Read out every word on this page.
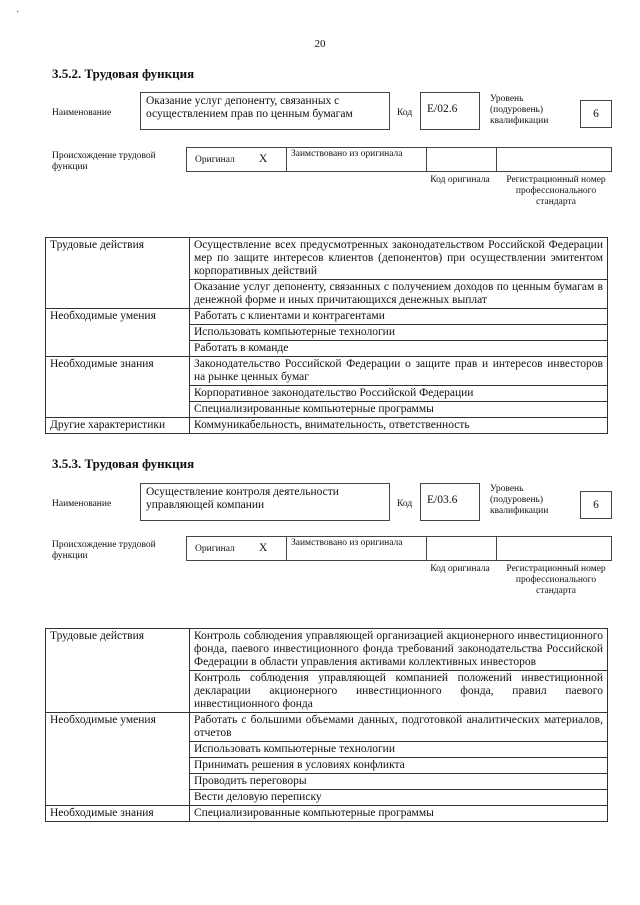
˙
20
3.5.2. Трудовая функция
Наименование
Оказание услуг депоненту, связанных с осуществлением прав по ценным бумагам	Код	Е/02.6
Уровень (подуровень) квалификации
6
Происхождение трудовой функции
Оригинал X Заимствовано из оригинала
Код оригинала	Регистрационный номер профессионального стандарта
Трудовые действия	Осуществление всех предусмотренных законодательством Российской Федерации мер по защите интересов клиентов (депонентов) при осуществлении эмитентом корпоративных действий
	Оказание услуг депоненту, связанных с получением доходов по ценным бумагам в денежной форме и иных причитающихся денежных выплат
Необходимые умения	Работать с клиентами и контрагентами
	Использовать компьютерные технологии
	Работать в команде
Необходимые знания	Законодательство Российской Федерации о защите прав и интересов инвесторов на рынке ценных бумаг
	Корпоративное законодательство Российской Федерации
	Специализированные компьютерные программы
Другие характеристики	Коммуникабельность, внимательность, ответственность
3.5.3. Трудовая функция
Наименование
Осуществление контроля деятельности управляющей компании	Код	Е/03.6
Уровень (подуровень) квалификации	6
Происхождение трудовой функции
Оригинал X Заимствовано из оригинала
Код оригинала	Регистрационный номер профессионального стандарта
Трудовые действия	Контроль соблюдения управляющей организацией акционерного инвестиционного фонда, паевого инвестиционного фонда требований законодательства Российской Федерации в области управления активами коллективных инвесторов
	Контроль соблюдения управляющей компанией положений инвестиционной декларации акционерного инвестиционного фонда, правил паевого инвестиционного фонда
Необходимые умения	Работать с большими объемами данных, подготовкой аналитических материалов, отчетов
	Использовать компьютерные технологии
	Принимать решения в условиях конфликта
	Проводить переговоры
	Вести деловую переписку
Необходимые знания	Специализированные компьютерные программы
